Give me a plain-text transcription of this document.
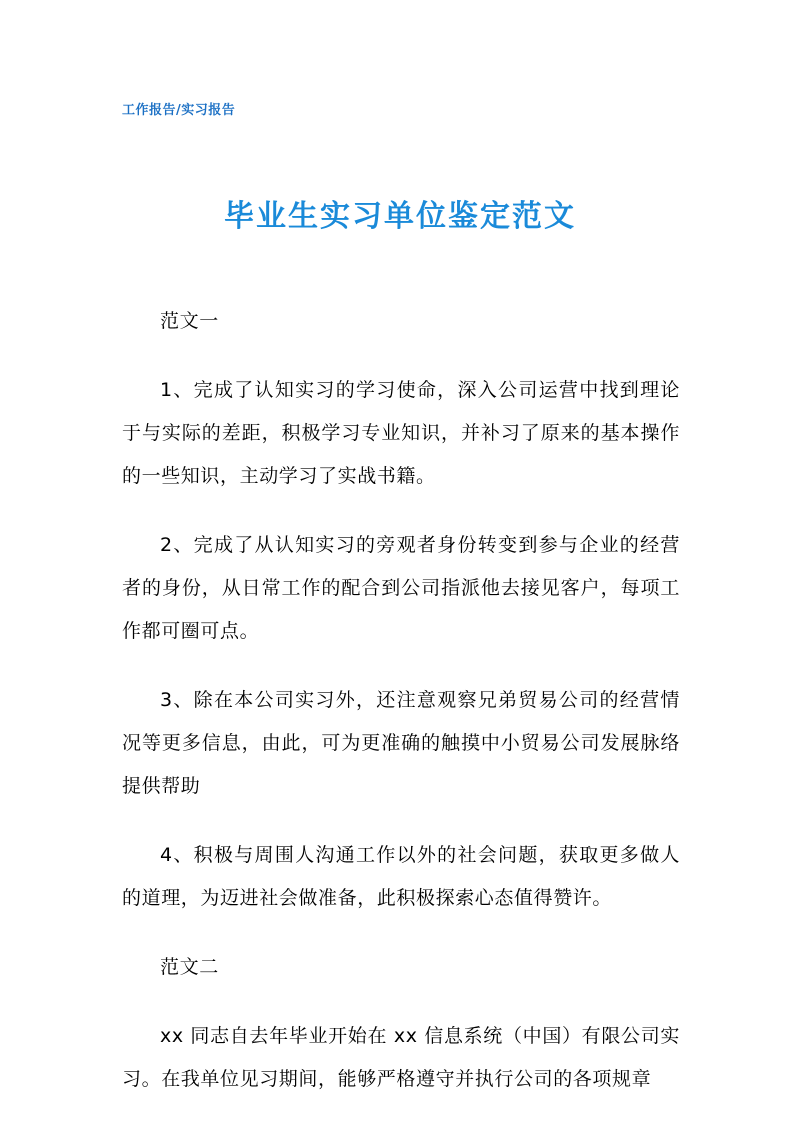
工作报告/实习报告
毕业生实习单位鉴定范文

范文一

1、完成了认知实习的学习使命，深入公司运营中找到理论于与实际的差距，积极学习专业知识，并补习了原来的基本操作的一些知识，主动学习了实战书籍。

2、完成了从认知实习的旁观者身份转变到参与企业的经营者的身份，从日常工作的配合到公司指派他去接见客户，每项工作都可圈可点。

3、除在本公司实习外，还注意观察兄弟贸易公司的经营情况等更多信息，由此，可为更准确的触摸中小贸易公司发展脉络提供帮助

4、积极与周围人沟通工作以外的社会问题，获取更多做人的道理，为迈进社会做准备，此积极探索心态值得赞许。

范文二

xx 同志自去年毕业开始在 xx 信息系统（中国）有限公司实习。在我单位见习期间，能够严格遵守并执行公司的各项规章
